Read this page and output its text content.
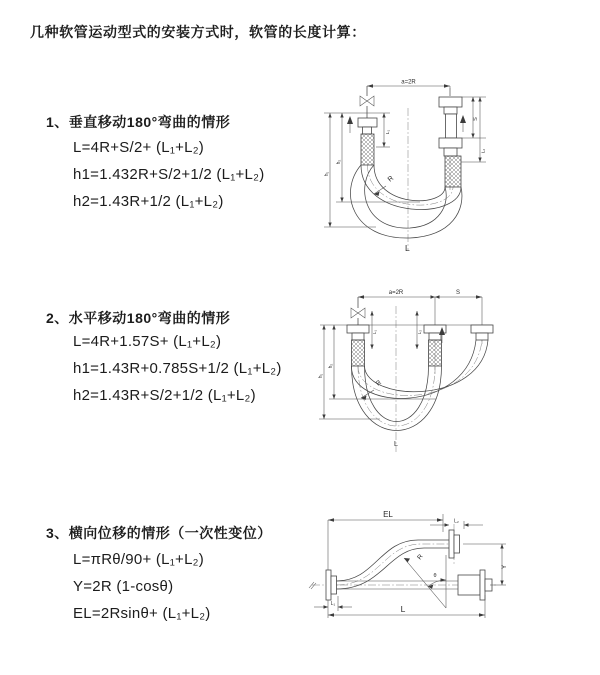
几种软管运动型式的安装方式时，软管的长度计算：
1、垂直移动180°弯曲的情形
L=4R+S/2+ (L₁+L₂)
h1=1.432R+S/2+1/2 (L₁+L₂)
h2=1.43R+1/2 (L₁+L₂)
2、水平移动180°弯曲的情形
L=4R+1.57S+ (L₁+L₂)
h1=1.43R+0.785S+1/2 (L₁+L₂)
h2=1.43R+S/2+1/2 (L₁+L₂)
3、横向位移的情形（一次性变位）
L=πRθ/90+ (L₁+L₂)
Y=2R (1-cosθ)
EL=2Rsinθ+ (L₁+L₂)
a=2R
L₁
S
L₂
h₁
h₂
R
L
a=2R	S
L₁	L₂
h₁
h₂
R
L
EL
L₂
Y
L
L₁
θ
R
